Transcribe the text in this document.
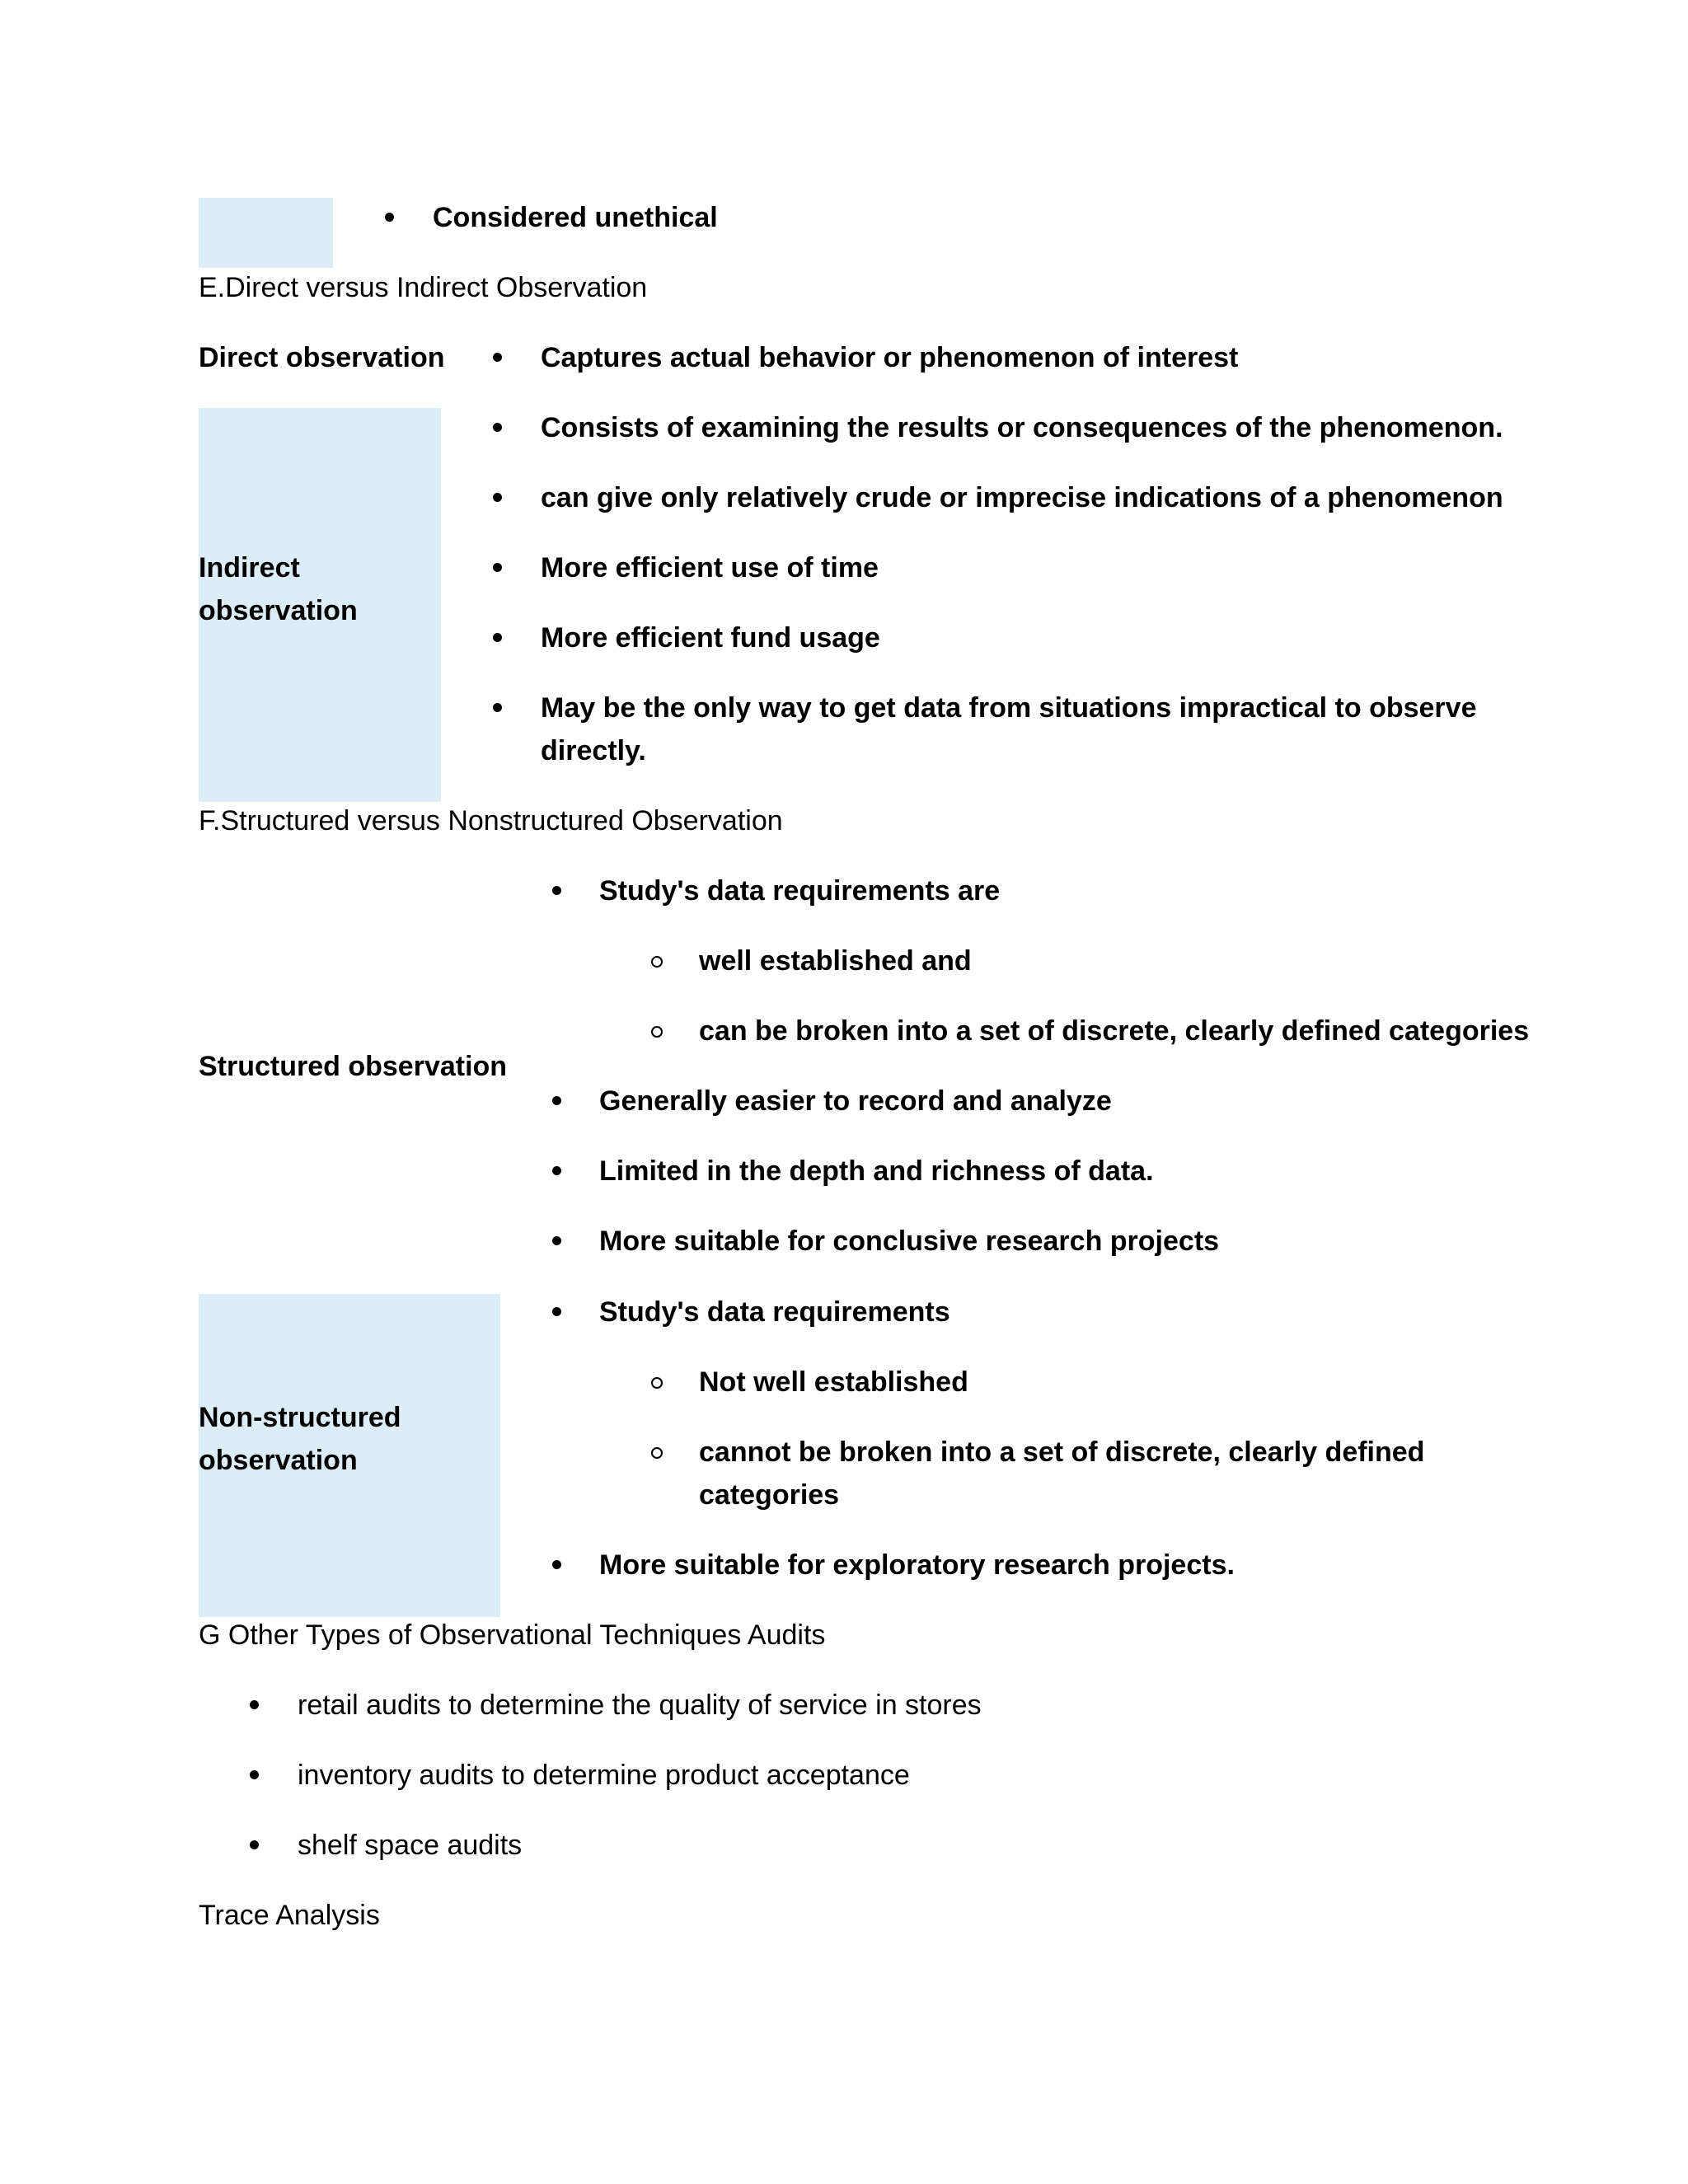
Considered unethical
E.Direct versus Indirect Observation
Direct observation	Captures actual behavior or phenomenon of interest
Indirect
observation
Consists of examining the results or consequences of the phenomenon.
can give only relatively crude or imprecise indications of a phenomenon
More efficient use of time
More efficient fund usage
May be the only way to get data from situations impractical to observe
directly.
F.Structured versus Nonstructured Observation
Structured observation
Study's data requirements are
well established and
can be broken into a set of discrete, clearly defined categories
Generally easier to record and analyze
Limited in the depth and richness of data.
More suitable for conclusive research projects
Non-structured
observation
Study's data requirements
Not well established
cannot be broken into a set of discrete, clearly defined
categories
More suitable for exploratory research projects.
G Other Types of Observational Techniques Audits
retail audits to determine the quality of service in stores
inventory audits to determine product acceptance
shelf space audits
Trace Analysis
